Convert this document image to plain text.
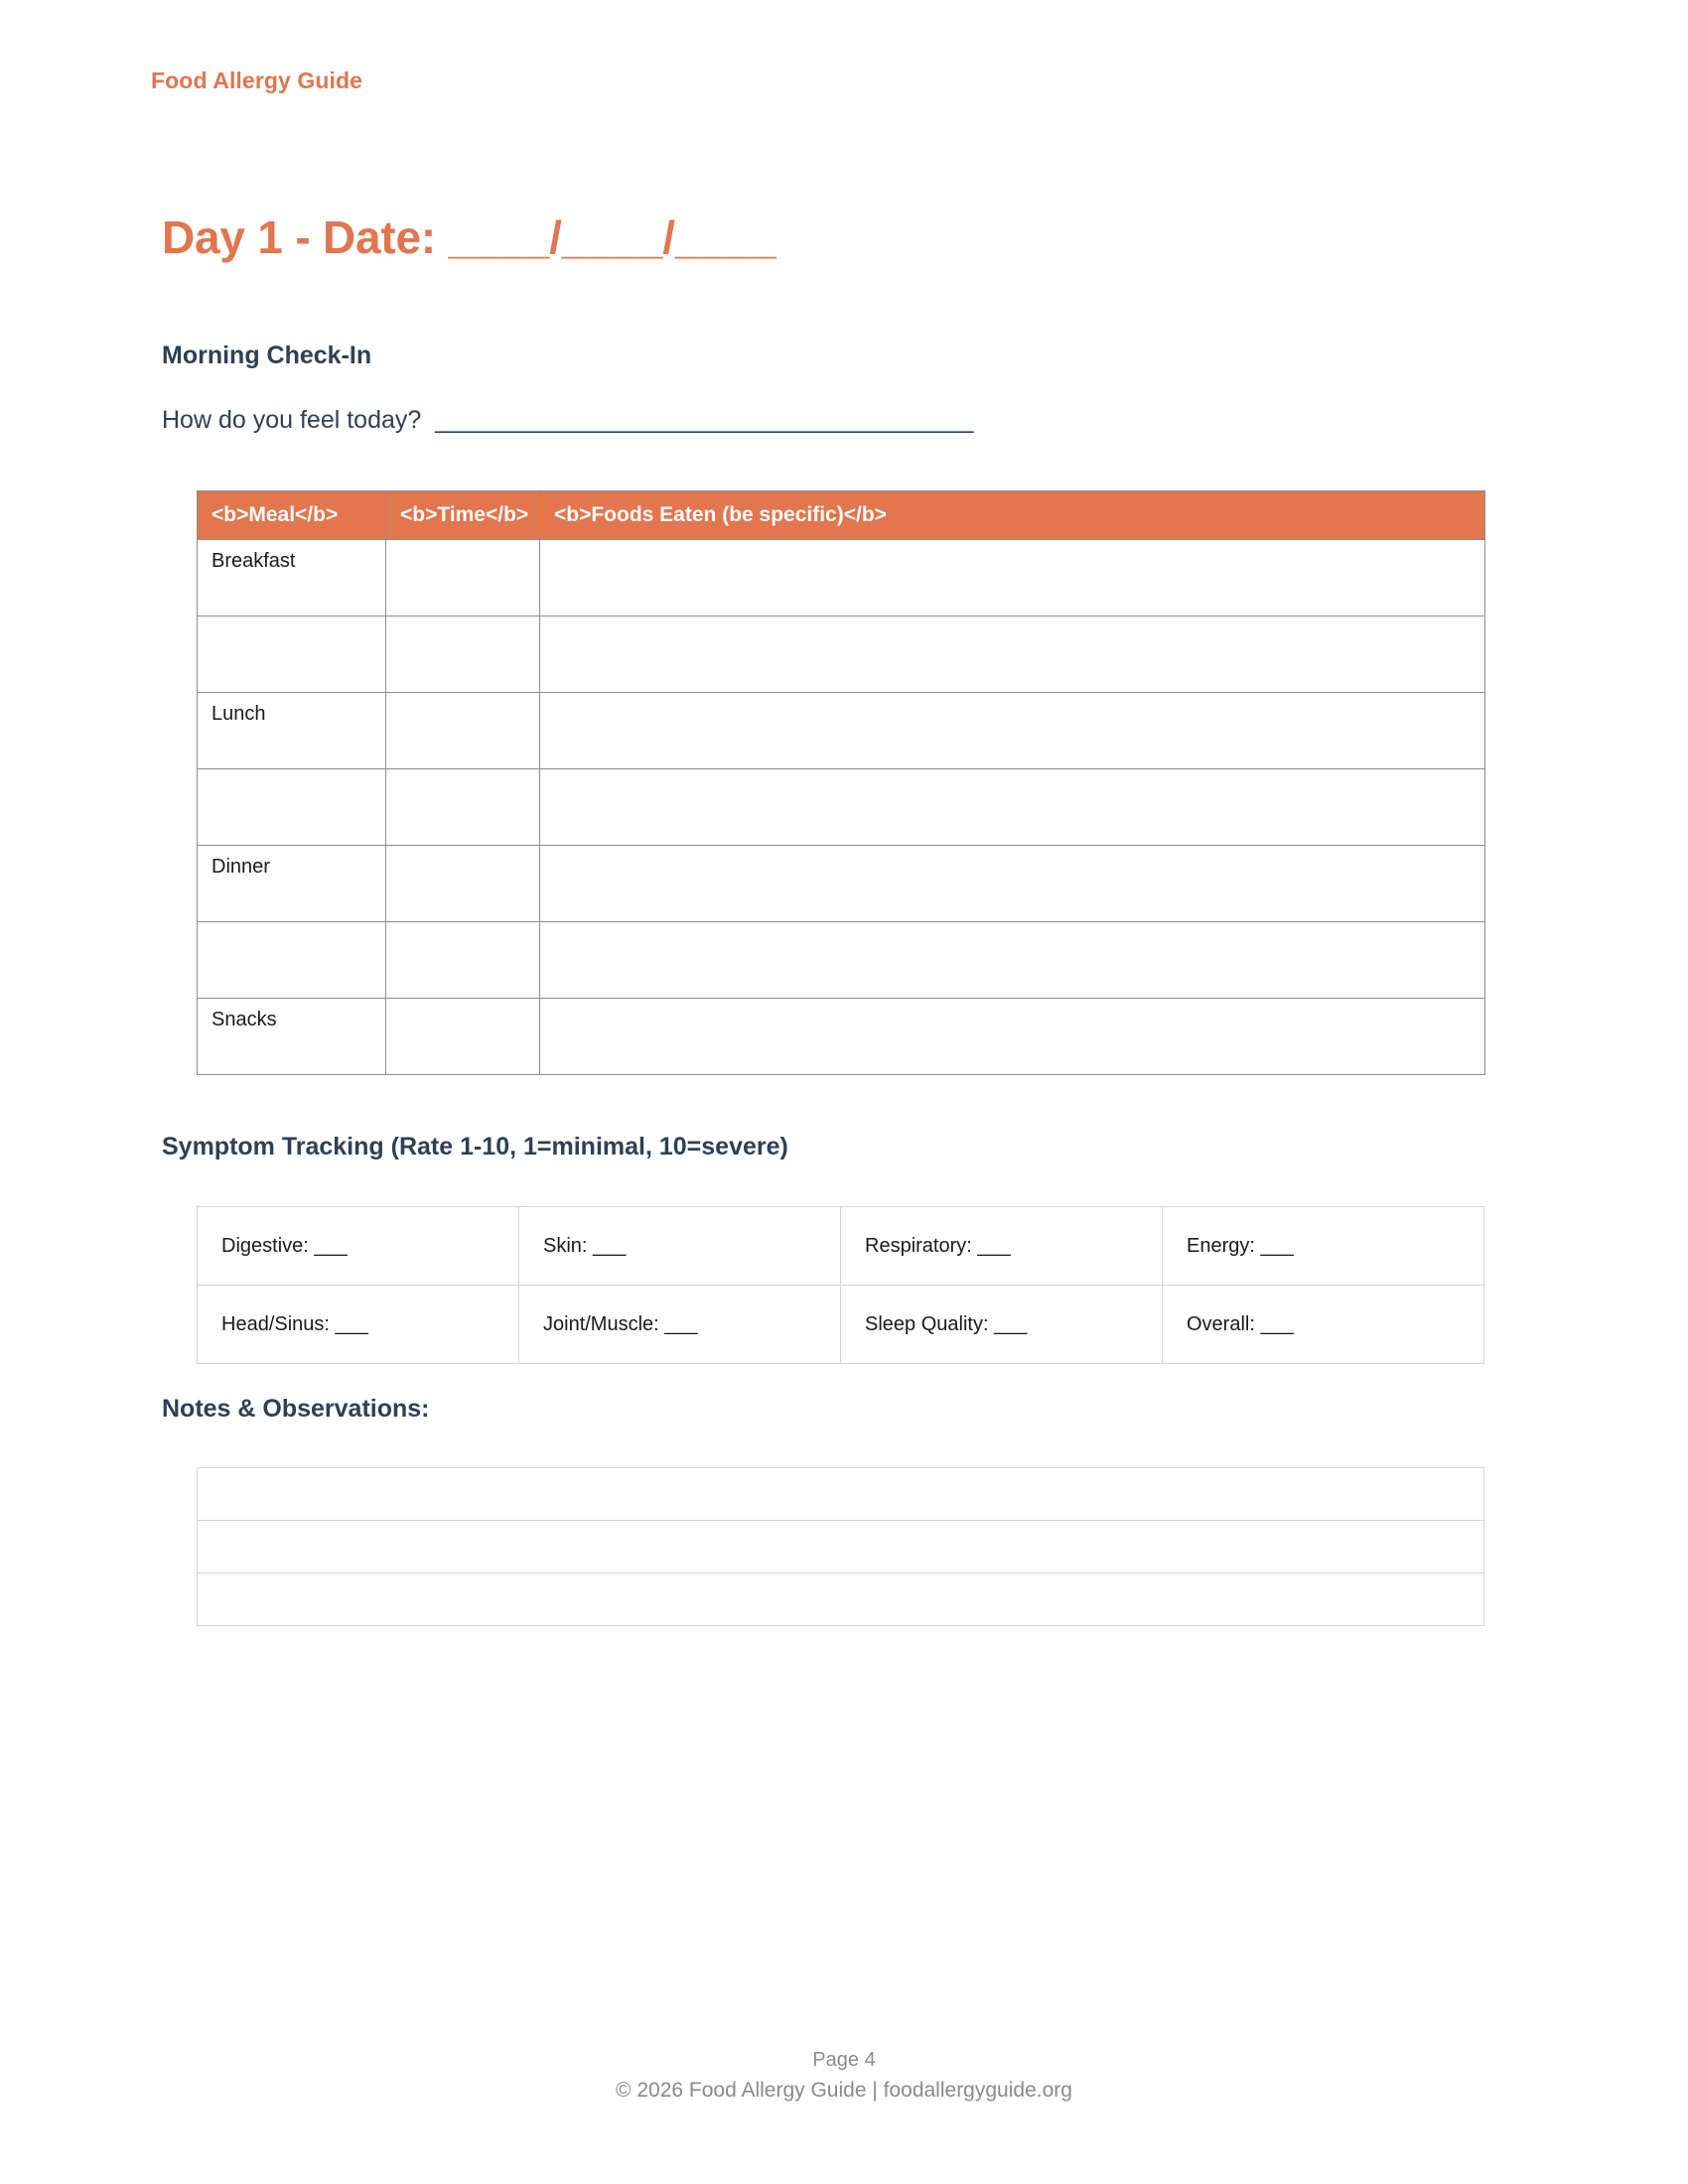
Food Allergy Guide
Day 1 - Date: ____/____/____
Morning Check-In
How do you feel today?  _______________________________________
<b>Meal</b>	<b>Time</b>	<b>Foods Eaten (be specific)</b>
Breakfast		

Lunch		

Dinner		

Snacks		
Symptom Tracking (Rate 1-10, 1=minimal, 10=severe)
Digestive: ___	Skin: ___	Respiratory: ___	Energy: ___
Head/Sinus: ___	Joint/Muscle: ___	Sleep Quality: ___	Overall: ___
Notes & Observations:

Page 4
© 2026 Food Allergy Guide | foodallergyguide.org
